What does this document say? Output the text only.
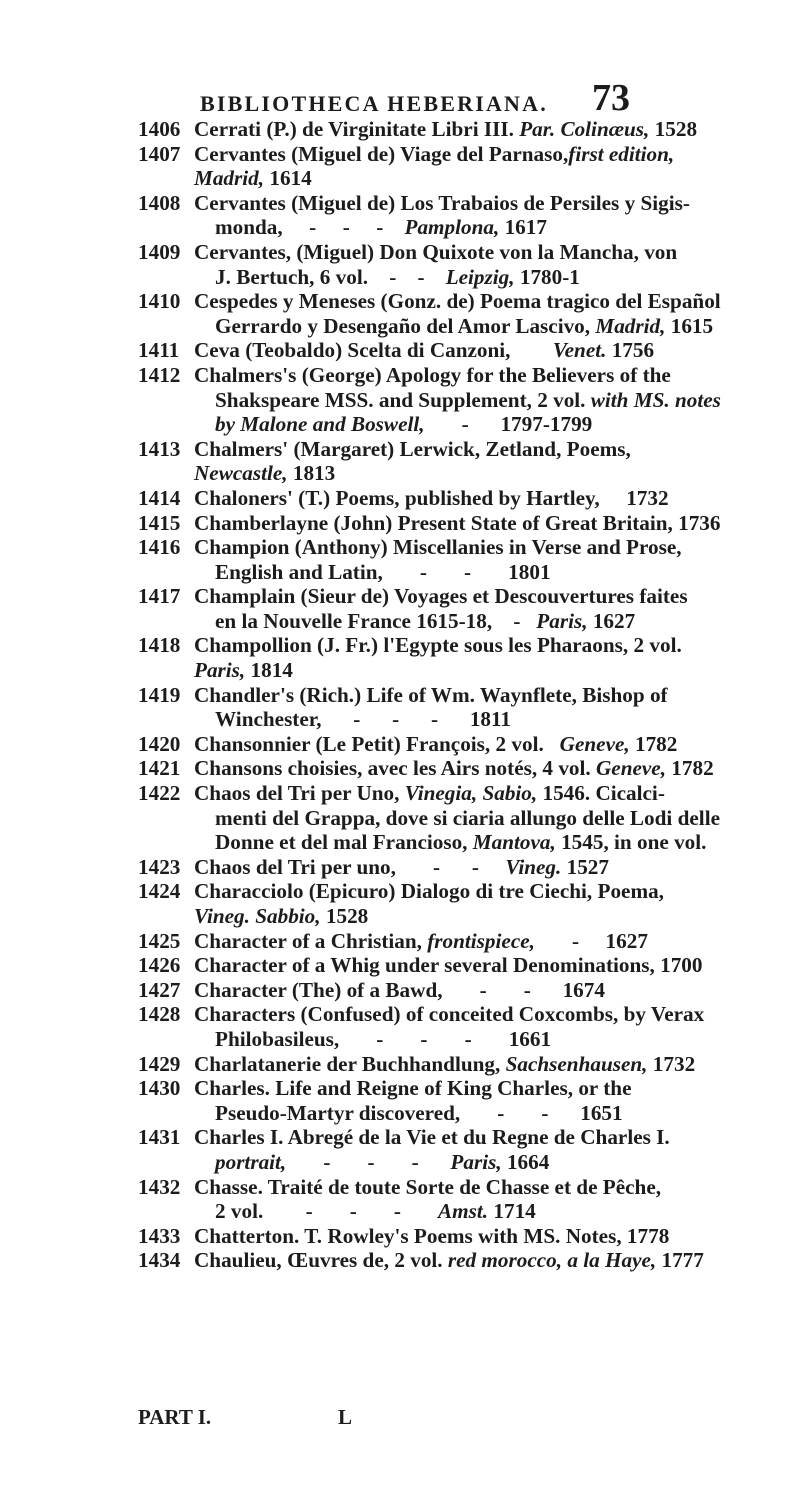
BIBLIOTHECA HEBERIANA. 73
1406 Cerrati (P.) de Virginitate Libri III. Par. Colinæus, 1528
1407 Cervantes (Miguel de) Viage del Parnaso,first edition,
Madrid, 1614
1408 Cervantes (Miguel de) Los Trabaios de Persiles y Sigis-
monda,     -     -     -    Pamplona, 1617
1409 Cervantes, (Miguel) Don Quixote von la Mancha, von
J. Bertuch, 6 vol.    -    -    Leipzig, 1780-1
1410 Cespedes y Meneses (Gonz. de) Poema tragico del Español
Gerrardo y Desengaño del Amor Lascivo, Madrid, 1615
1411 Ceva (Teobaldo) Scelta di Canzoni,        Venet. 1756
1412 Chalmers's (George) Apology for the Believers of the
Shakspeare MSS. and Supplement, 2 vol. with MS. notes
by Malone and Boswell,       -      1797-1799
1413 Chalmers' (Margaret) Lerwick, Zetland, Poems,
Newcastle, 1813
1414 Chaloners' (T.) Poems, published by Hartley,     1732
1415 Chamberlayne (John) Present State of Great Britain, 1736
1416 Champion (Anthony) Miscellanies in Verse and Prose,
English and Latin,       -       -       1801
1417 Champlain (Sieur de) Voyages et Descouvertures faites
en la Nouvelle France 1615-18,    -   Paris, 1627
1418 Champollion (J. Fr.) l'Egypte sous les Pharaons, 2 vol.
Paris, 1814
1419 Chandler's (Rich.) Life of Wm. Waynflete, Bishop of
Winchester,      -      -      -      1811
1420 Chansonnier (Le Petit) François, 2 vol.   Geneve, 1782
1421 Chansons choisies, avec les Airs notés, 4 vol. Geneve, 1782
1422 Chaos del Tri per Uno, Vinegia, Sabio, 1546. Cicalci-
menti del Grappa, dove si ciaria allungo delle Lodi delle
Donne et del mal Francioso, Mantova, 1545, in one vol.
1423 Chaos del Tri per uno,       -      -     Vineg. 1527
1424 Characciolo (Epicuro) Dialogo di tre Ciechi, Poema,
Vineg. Sabbio, 1528
1425 Character of a Christian, frontispiece,       -     1627
1426 Character of a Whig under several Denominations, 1700
1427 Character (The) of a Bawd,       -       -      1674
1428 Characters (Confused) of conceited Coxcombs, by Verax
Philobasileus,       -       -       -       1661
1429 Charlatanerie der Buchhandlung, Sachsenhausen, 1732
1430 Charles. Life and Reigne of King Charles, or the
Pseudo-Martyr discovered,       -       -      1651
1431 Charles I. Abregé de la Vie et du Regne de Charles I.
portrait,       -       -       -      Paris, 1664
1432 Chasse. Traité de toute Sorte de Chasse et de Pêche,
2 vol.        -       -       -       Amst. 1714
1433 Chatterton. T. Rowley's Poems with MS. Notes, 1778
1434 Chaulieu, Œuvres de, 2 vol. red morocco, a la Haye, 1777
PART I.	L
